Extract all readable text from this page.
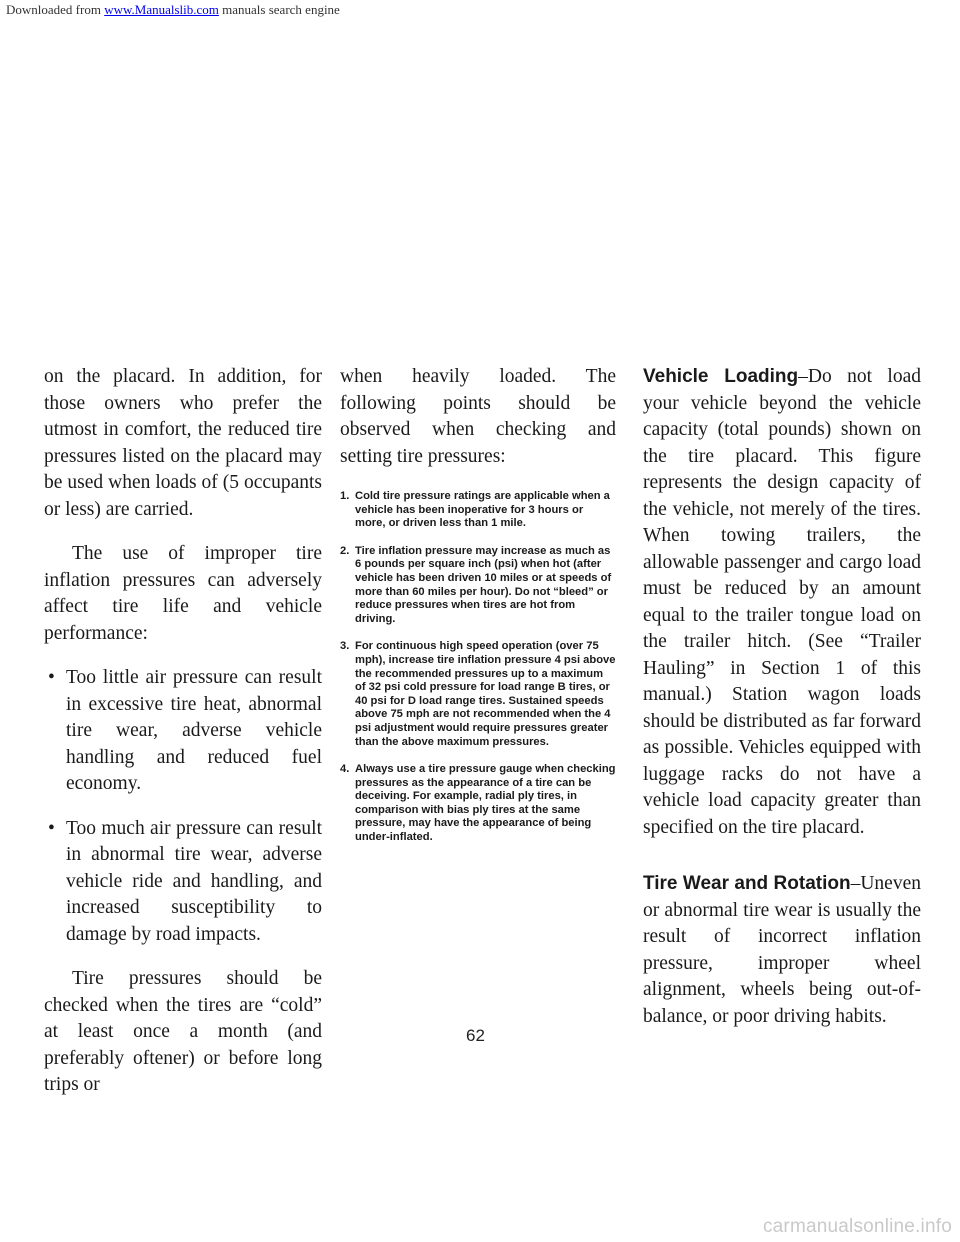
Downloaded from www.Manualslib.com manuals search engine

on the placard. In addition, for those owners who prefer the utmost in comfort, the reduced tire pressures listed on the placard may be used when loads of (5 occupants or less) are carried.

The use of improper tire inflation pressures can adversely affect tire life and vehicle performance:

• Too little air pressure can result in excessive tire heat, abnormal tire wear, adverse vehicle handling and reduced fuel economy.
• Too much air pressure can result in abnormal tire wear, adverse vehicle ride and handling, and increased susceptibility to damage by road impacts.

Tire pressures should be checked when the tires are “cold” at least once a month (and preferably oftener) or before long trips or

when heavily loaded. The following points should be observed when checking and setting tire pressures:

1. Cold tire pressure ratings are applicable when a vehicle has been inoperative for 3 hours or more, or driven less than 1 mile.
2. Tire inflation pressure may increase as much as 6 pounds per square inch (psi) when hot (after vehicle has been driven 10 miles or at speeds of more than 60 miles per hour). Do not “bleed” or reduce pressures when tires are hot from driving.
3. For continuous high speed operation (over 75 mph), increase tire inflation pressure 4 psi above the recommended pressures up to a maximum of 32 psi cold pressure for load range B tires, or 40 psi for D load range tires. Sustained speeds above 75 mph are not recommended when the 4 psi adjustment would require pressures greater than the above maximum pressures.
4. Always use a tire pressure gauge when checking pressures as the appearance of a tire can be deceiving. For example, radial ply tires, in comparison with bias ply tires at the same pressure, may have the appearance of being under-inflated.
62

Vehicle Loading–Do not load your vehicle beyond the vehicle capacity (total pounds) shown on the tire placard. This figure represents the design capacity of the vehicle, not merely of the tires. When towing trailers, the allowable passenger and cargo load must be reduced by an amount equal to the trailer tongue load on the trailer hitch. (See “Trailer Hauling” in Section 1 of this manual.) Station wagon loads should be distributed as far forward as possible. Vehicles equipped with luggage racks do not have a vehicle load capacity greater than specified on the tire placard.

Tire Wear and Rotation–Uneven or abnormal tire wear is usually the result of incorrect inflation pressure, improper wheel alignment, wheels being out-of-balance, or poor driving habits.

carmanualsonline.info
